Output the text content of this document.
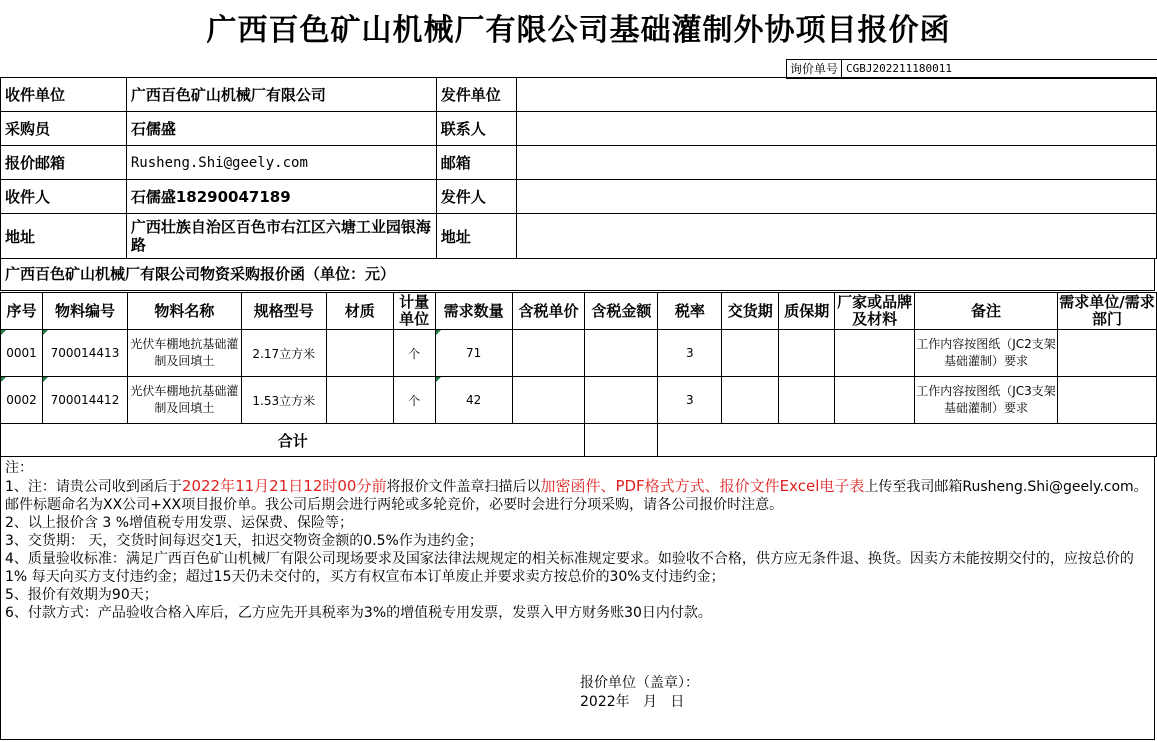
广西百色矿山机械厂有限公司基础灌制外协项目报价函
询价单号 CGBJ202211180011
收件单位	广西百色矿山机械厂有限公司	发件单位	
采购员	石儒盛	联系人	
报价邮箱	Rusheng.Shi@geely.com	邮箱	
收件人	石儒盛18290047189	发件人	
地址	广西壮族自治区百色市右江区六塘工业园银海路	地址	
广西百色矿山机械厂有限公司物资采购报价函（单位：元）
序号	物料编号	物料名称	规格型号	材质	计量单位	需求数量	含税单价	含税金额	税率	交货期	质保期	厂家或品牌及材料	备注	需求单位/需求部门
0001	700014413	光伏车棚地抗基础灌制及回填土	2.17立方米		个	71			3				工作内容按图纸（JC2支架基础灌制）要求	
0002	700014412	光伏车棚地抗基础灌制及回填土	1.53立方米		个	42			3				工作内容按图纸（JC3支架基础灌制）要求	
合计														

注：

1、注：请贵公司收到函后于2022年11月21日12时00分前将报价文件盖章扫描后以加密函件、PDF格式方式、报价文件Excel电子表上传至我司邮箱Rusheng.Shi@geely.com。邮件标题命名为XX公司+XX项目报价单。我公司后期会进行两轮或多轮竞价，必要时会进行分项采购，请各公司报价时注意。

2、以上报价含 3 %增值税专用发票、运保费、保险等；

3、交货期： 天，交货时间每迟交1天，扣迟交物资金额的0.5%作为违约金；

4、质量验收标准：满足广西百色矿山机械厂有限公司现场要求及国家法律法规规定的相关标准规定要求。如验收不合格，供方应无条件退、换货。因卖方未能按期交付的，应按总价的1% 每天向买方支付违约金；超过15天仍未交付的，买方有权宣布本订单废止并要求卖方按总价的30%支付违约金；

5、报价有效期为90天；

6、付款方式：产品验收合格入库后，乙方应先开具税率为3%的增值税专用发票，发票入甲方财务账30日内付款。

报价单位（盖章）：
2022年   月   日
